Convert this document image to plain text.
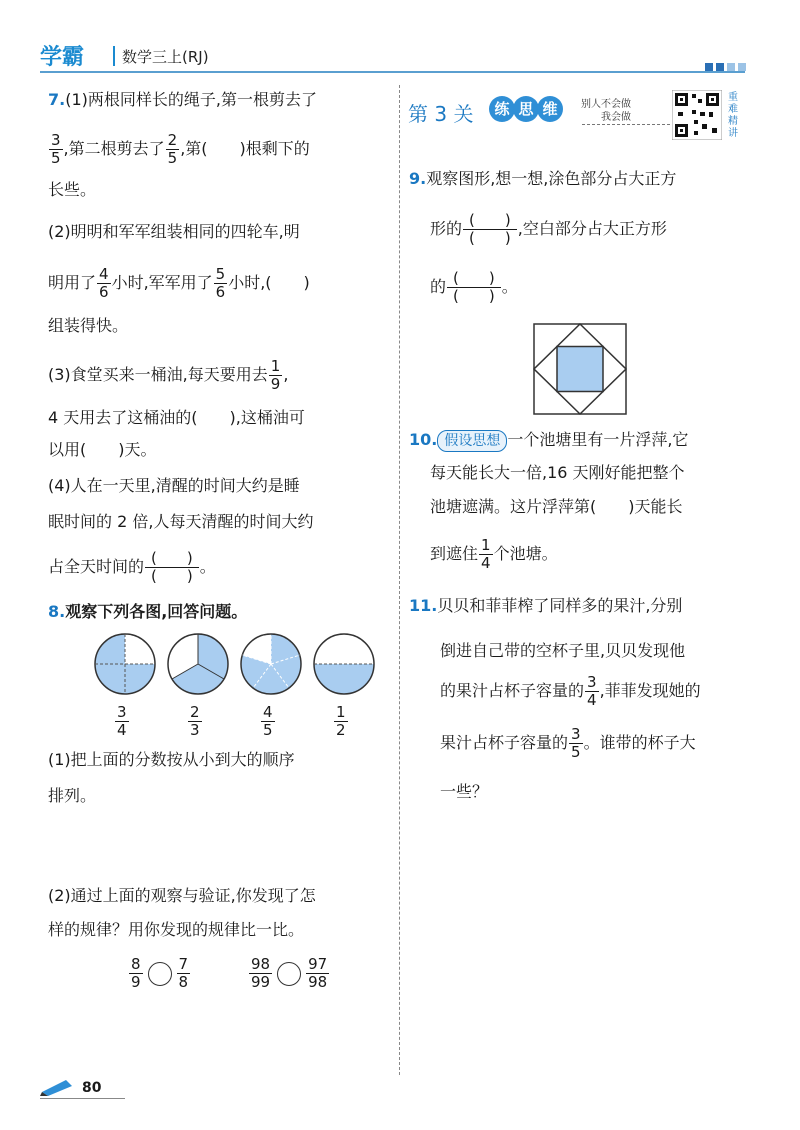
学霸	数学三上(RJ)
7.(1)两根同样长的绳子,第一根剪去了
$\frac{3}{5}$ ,第二根剪去了 $\frac{2}{5}$ ,第(　　)根剩下的
长些。
(2)明明和军军组装相同的四轮车,明
明用了 $\frac{4}{6}$ 小时,军军用了 $\frac{5}{6}$ 小时,(　　)
组装得快。
(3)食堂买来一桶油,每天要用去 $\frac{1}{9}$ ,
4 天用去了这桶油的(　　),这桶油可
以用(　　)天。
(4)人在一天里,清醒的时间大约是睡
眠时间的 2 倍,人每天清醒的时间大约
占全天时间的 $\frac{( )}{( )}$ 。
8.观察下列各图,回答问题。
$\frac{3}{4}$	$\frac{2}{3}$	$\frac{4}{5}$	$\frac{1}{2}$
(1)把上面的分数按从小到大的顺序
排列。
(2)通过上面的观察与验证,你发现了怎
样的规律？用你发现的规律比一比。
$\frac{8}{9} \frac{7}{8}$	$\frac{98}{99} \frac{97}{98}$
第 3 关	练 思 维	别人不会做
我会做
重难精讲
9.观察图形,想一想,涂色部分占大正方
形的 $\frac{( )}{( )}$ ,空白部分占大正方形
的 $\frac{( )}{( )}$ 。
10. 假设思想 一个池塘里有一片浮萍,它
每天能长大一倍,16 天刚好能把整个
池塘遮满。这片浮萍第(　　)天能长
到遮住 $\frac{1}{4}$ 个池塘。
11.贝贝和菲菲榨了同样多的果汁,分别
倒进自己带的空杯子里,贝贝发现他
的果汁占杯子容量的 $\frac{3}{4}$ ,菲菲发现她的
果汁占杯子容量的 $\frac{3}{5}$ 。谁带的杯子大
一些？
80
